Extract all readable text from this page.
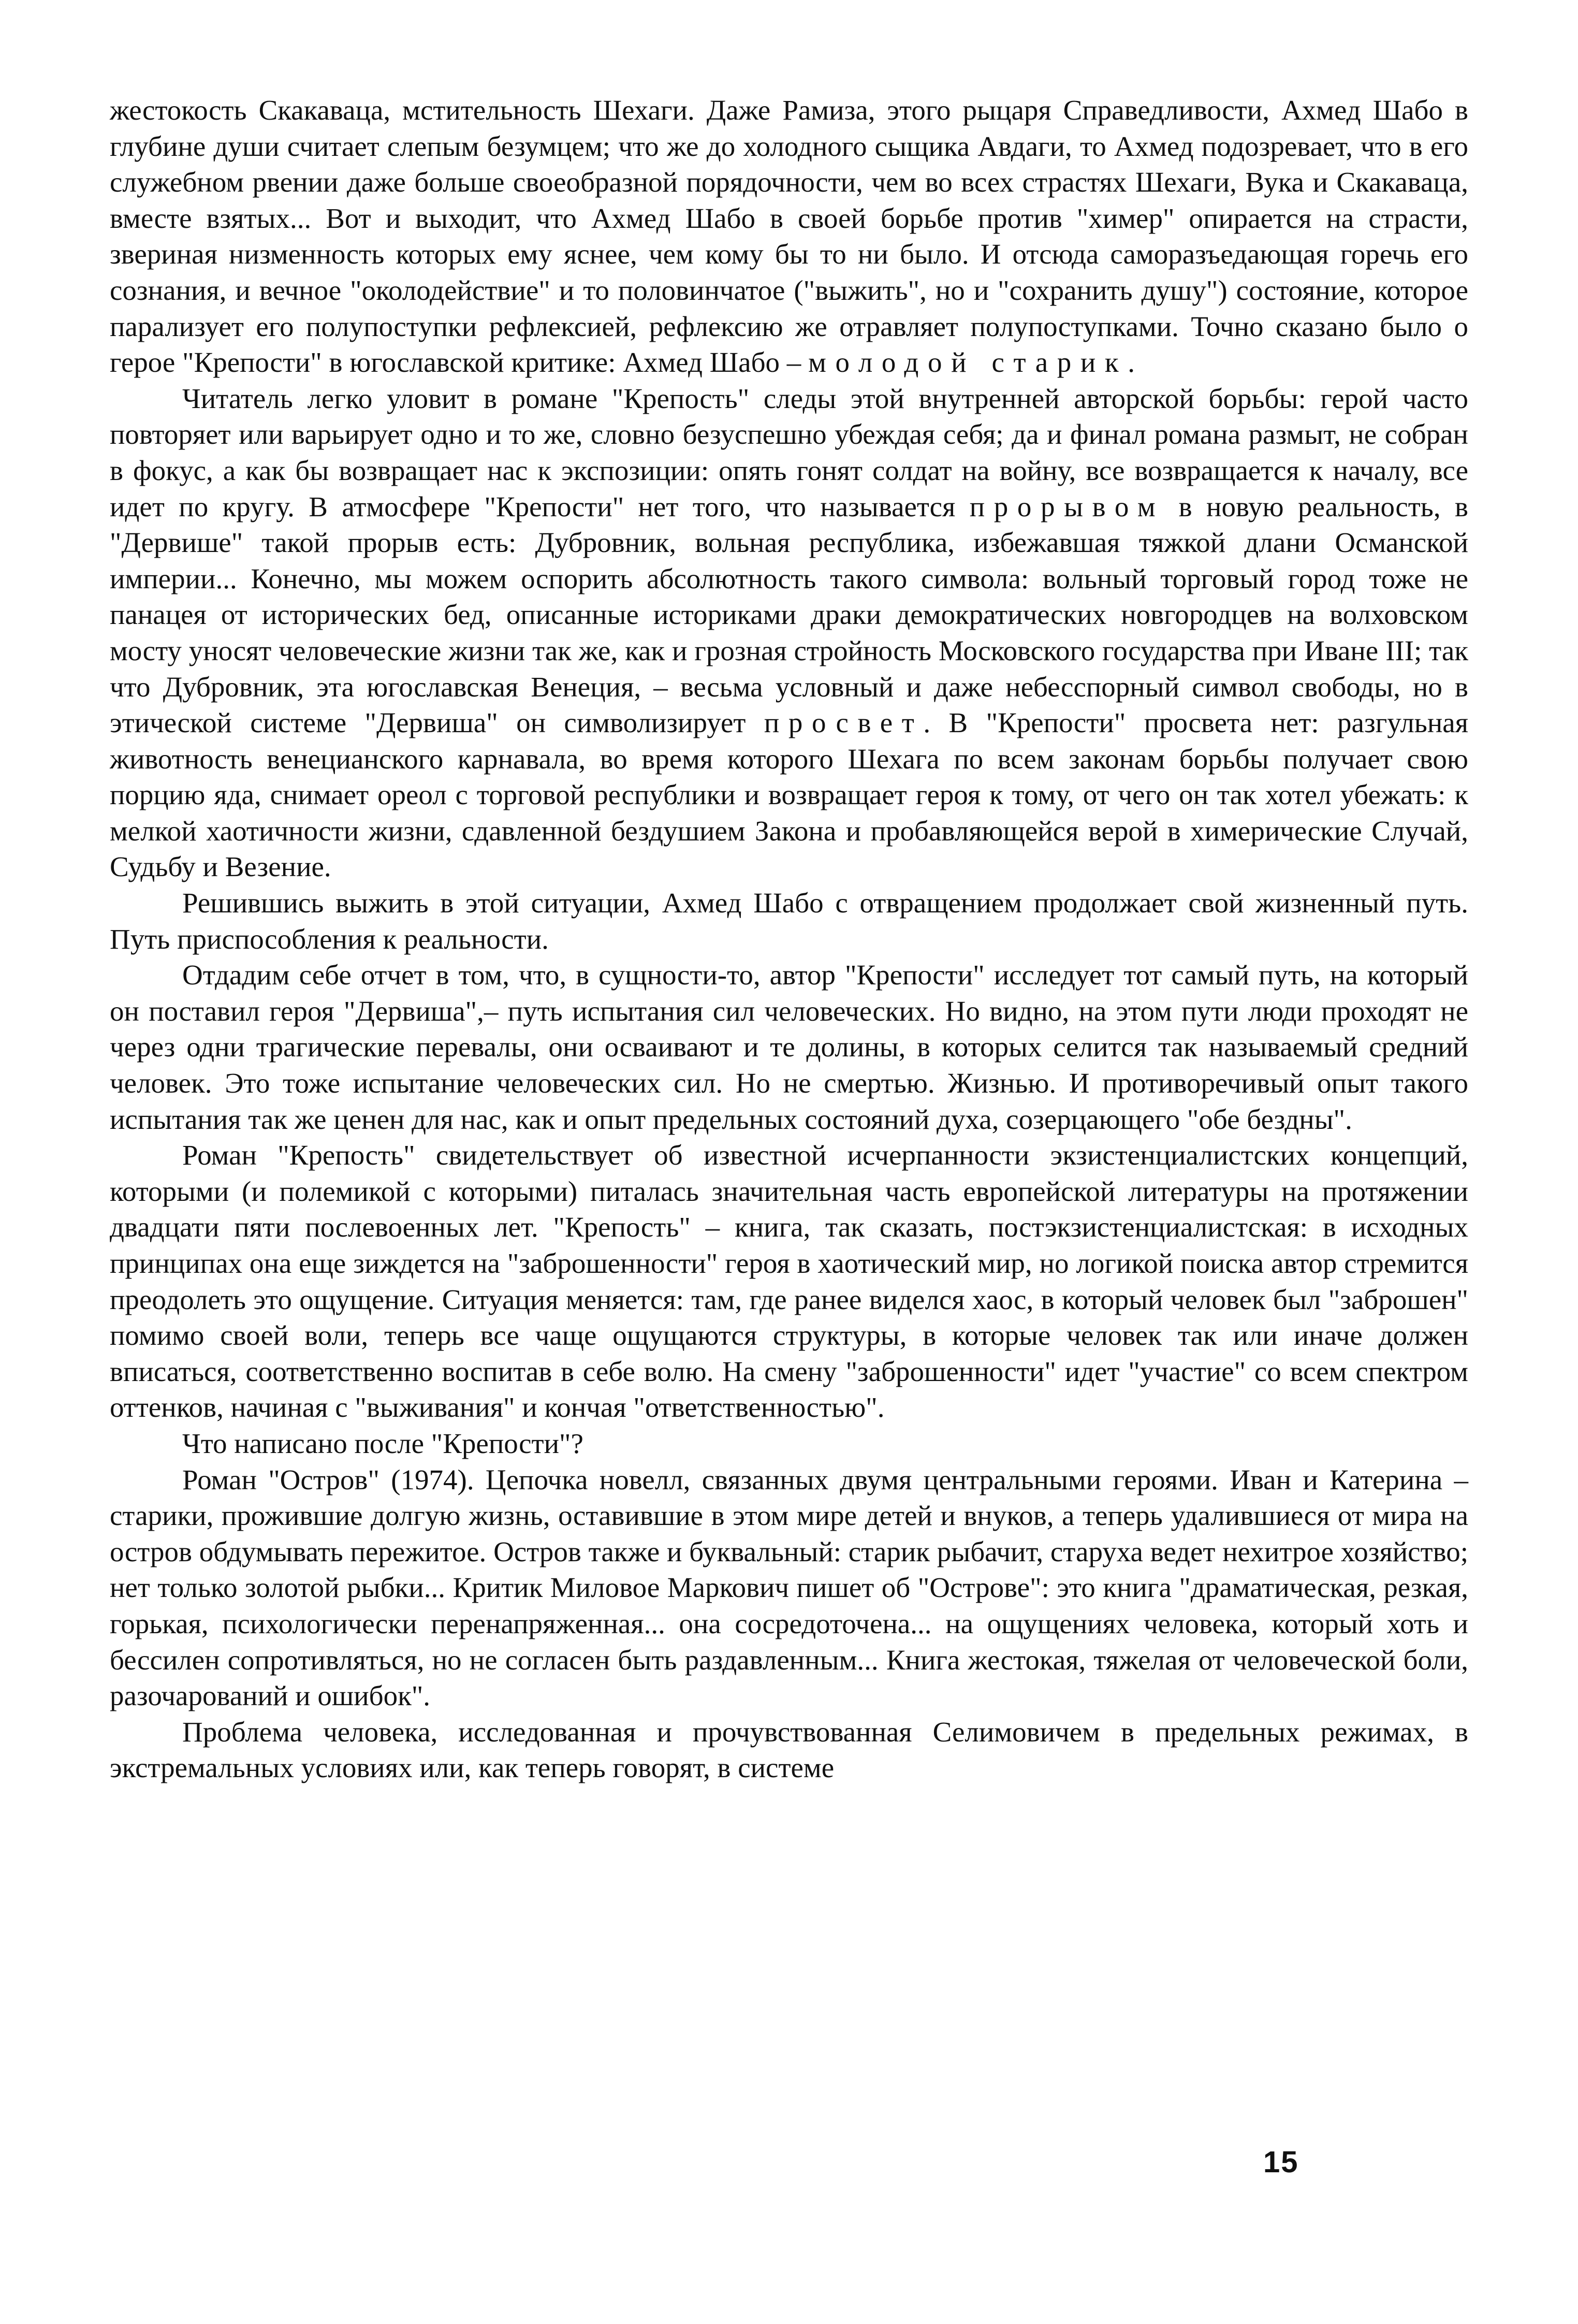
жестокость Скакаваца, мстительность Шехаги. Даже Рамиза, этого рыцаря Справедливости, Ахмед Шабо в глубине души считает слепым безумцем; что же до холодного сыщика Авдаги, то Ахмед подозревает, что в его служебном рвении даже больше своеобразной порядочности, чем во всех страстях Шехаги, Вука и Скакаваца, вместе взятых... Вот и выходит, что Ахмед Шабо в своей борьбе против "химер" опирается на страсти, звериная низменность которых ему яснее, чем кому бы то ни было. И отсюда саморазъедающая горечь его сознания, и вечное "околодействие" и то половинчатое ("выжить", но и "сохранить душу") состояние, которое парализует его полупоступки рефлексией, рефлексию же отравляет полупоступками. Точно сказано было о герое "Крепости" в югославской критике: Ахмед Шабо – молодой старик.

Читатель легко уловит в романе "Крепость" следы этой внутренней авторской борьбы: герой часто повторяет или варьирует одно и то же, словно безуспешно убеждая себя; да и финал романа размыт, не собран в фокус, а как бы возвращает нас к экспозиции: опять гонят солдат на войну, все возвращается к началу, все идет по кругу. В атмосфере "Крепости" нет того, что называется прорывом в новую реальность, в "Дервише" такой прорыв есть: Дубровник, вольная республика, избежавшая тяжкой длани Османской империи... Конечно, мы можем оспорить абсолютность такого символа: вольный торговый город тоже не панацея от исторических бед, описанные историками драки демократических новгородцев на волховском мосту уносят человеческие жизни так же, как и грозная стройность Московского государства при Иване III; так что Дубровник, эта югославская Венеция, – весьма условный и даже небесспорный символ свободы, но в этической системе "Дервиша" он символизирует просвет. В "Крепости" просвета нет: разгульная животность венецианского карнавала, во время которого Шехага по всем законам борьбы получает свою порцию яда, снимает ореол с торговой республики и возвращает героя к тому, от чего он так хотел убежать: к мелкой хаотичности жизни, сдавленной бездушием Закона и пробавляющейся верой в химерические Случай, Судьбу и Везение.

Решившись выжить в этой ситуации, Ахмед Шабо с отвращением продолжает свой жизненный путь. Путь приспособления к реальности.

Отдадим себе отчет в том, что, в сущности-то, автор "Крепости" исследует тот самый путь, на который он поставил героя "Дервиша",– путь испытания сил человеческих. Но видно, на этом пути люди проходят не через одни трагические перевалы, они осваивают и те долины, в которых селится так называемый средний человек. Это тоже испытание человеческих сил. Но не смертью. Жизнью. И противоречивый опыт такого испытания так же ценен для нас, как и опыт предельных состояний духа, созерцающего "обе бездны".

Роман "Крепость" свидетельствует об известной исчерпанности экзистенциалистских концепций, которыми (и полемикой с которыми) питалась значительная часть европейской литературы на протяжении двадцати пяти послевоенных лет. "Крепость" – книга, так сказать, постэкзистенциалистская: в исходных принципах она еще зиждется на "заброшенности" героя в хаотический мир, но логикой поиска автор стремится преодолеть это ощущение. Ситуация меняется: там, где ранее виделся хаос, в который человек был "заброшен" помимо своей воли, теперь все чаще ощущаются структуры, в которые человек так или иначе должен вписаться, соответственно воспитав в себе волю. На смену "заброшенности" идет "участие" со всем спектром оттенков, начиная с "выживания" и кончая "ответственностью".

Что написано после "Крепости"?

Роман "Остров" (1974). Цепочка новелл, связанных двумя центральными героями. Иван и Катерина – старики, прожившие долгую жизнь, оставившие в этом мире детей и внуков, а теперь удалившиеся от мира на остров обдумывать пережитое. Остров также и буквальный: старик рыбачит, старуха ведет нехитрое хозяйство; нет только золотой рыбки... Критик Миловое Маркович пишет об "Острове": это книга "драматическая, резкая, горькая, психологически перенапряженная... она сосредоточена... на ощущениях человека, который хоть и бессилен сопротивляться, но не согласен быть раздавленным... Книга жестокая, тяжелая от человеческой боли, разочарований и ошибок".

Проблема человека, исследованная и прочувствованная Селимовичем в предельных режимах, в экстремальных условиях или, как теперь говорят, в системе

15
